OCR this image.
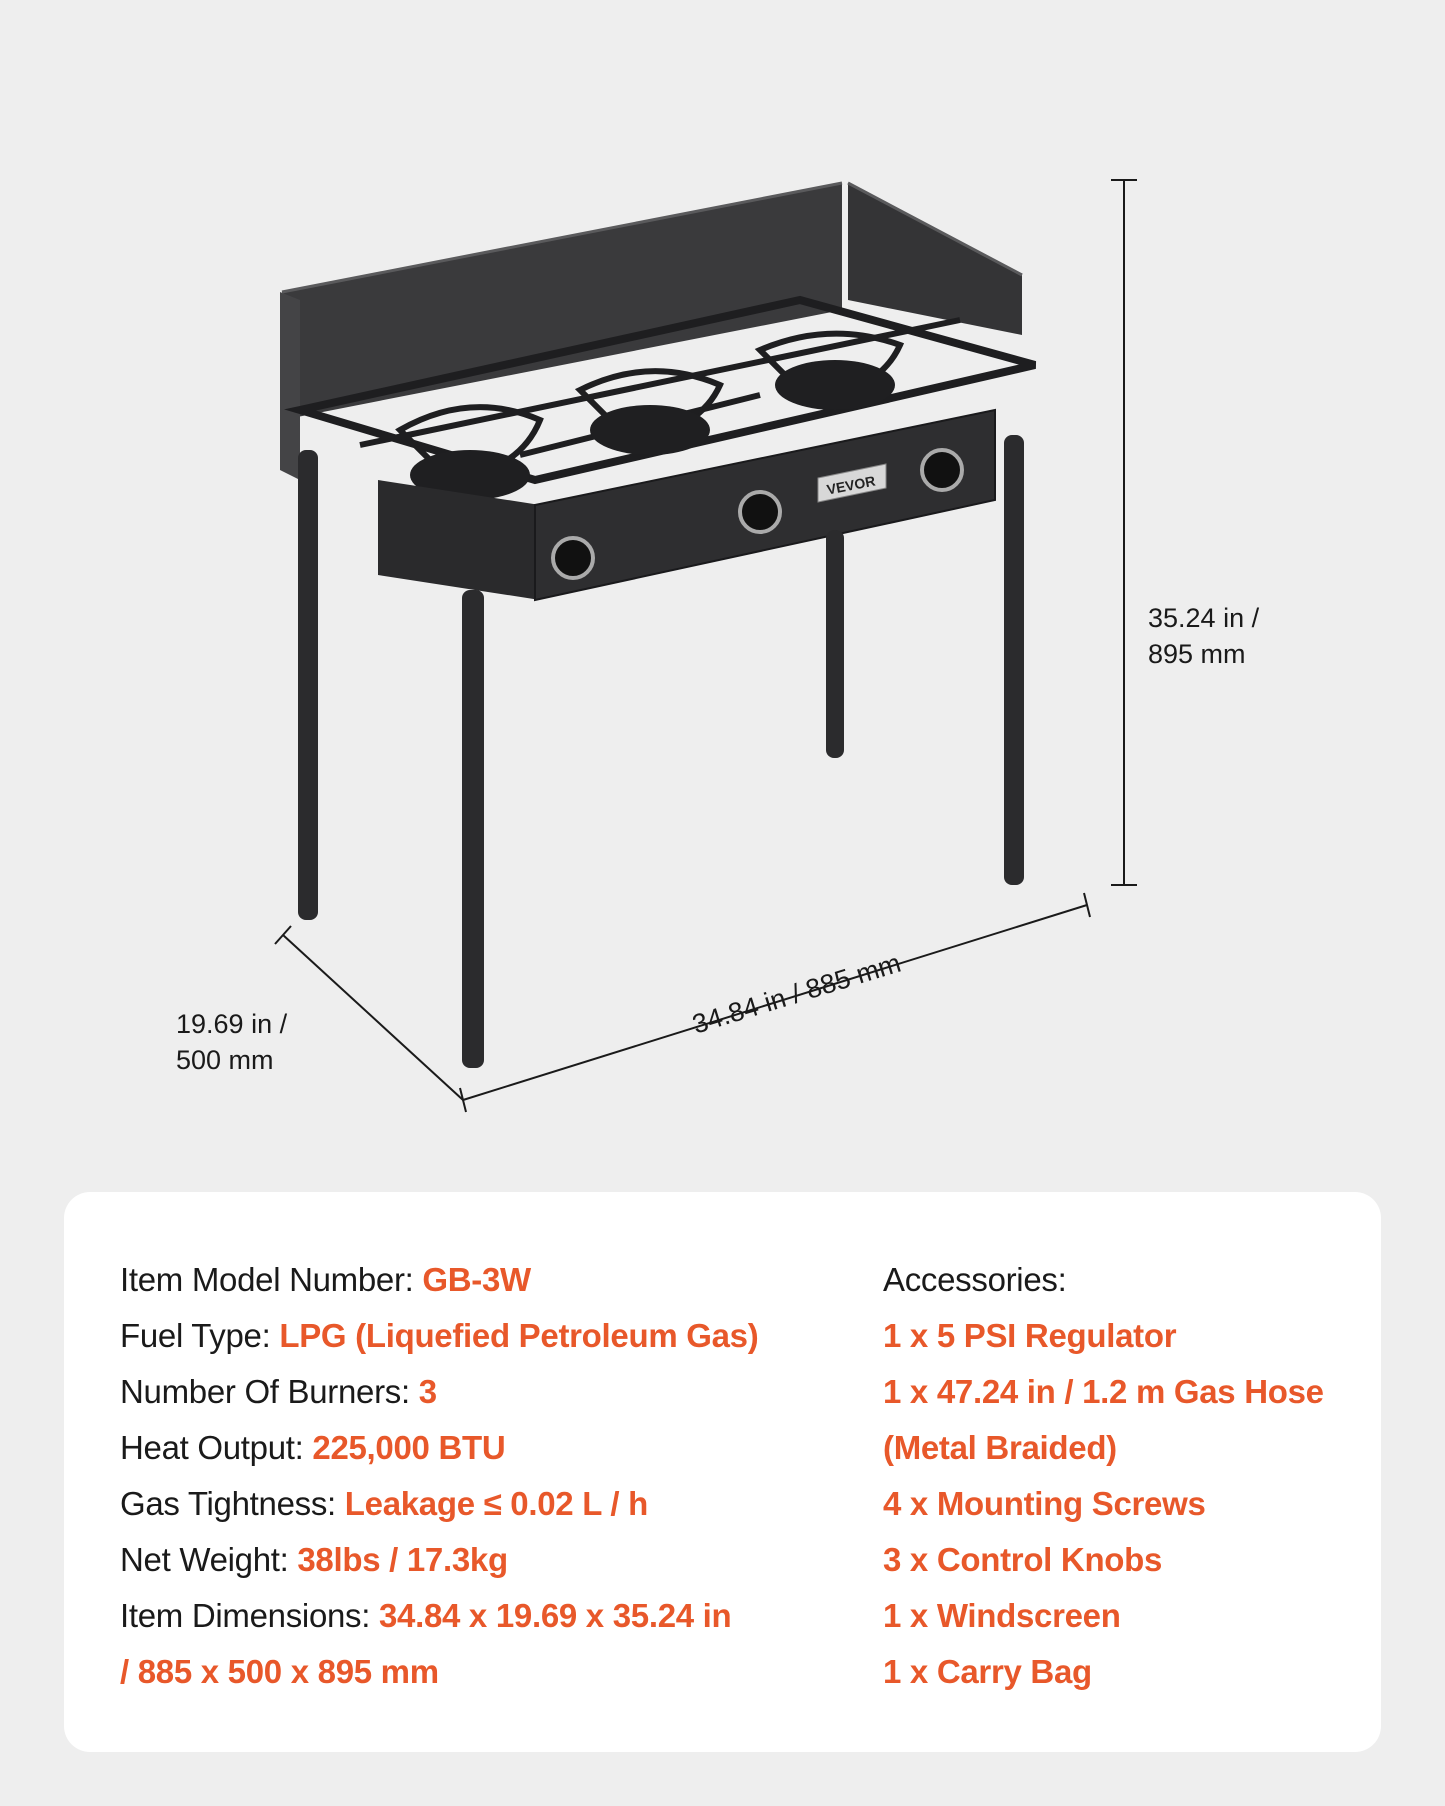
VEVOR
35.24 in /
895 mm
19.69 in /
500 mm
34.84 in / 885 mm
Item Model Number: GB-3W
Fuel Type: LPG (Liquefied Petroleum Gas)
Number Of Burners: 3
Heat Output: 225,000 BTU
Gas Tightness: Leakage ≤ 0.02 L / h
Net Weight: 38lbs / 17.3kg
Item Dimensions: 34.84 x 19.69 x 35.24 in
/ 885 x 500 x 895 mm
Accessories:
1 x 5 PSI Regulator
1 x 47.24 in / 1.2 m Gas Hose
(Metal Braided)
4 x Mounting Screws
3 x Control Knobs
1 x Windscreen
1 x Carry Bag
